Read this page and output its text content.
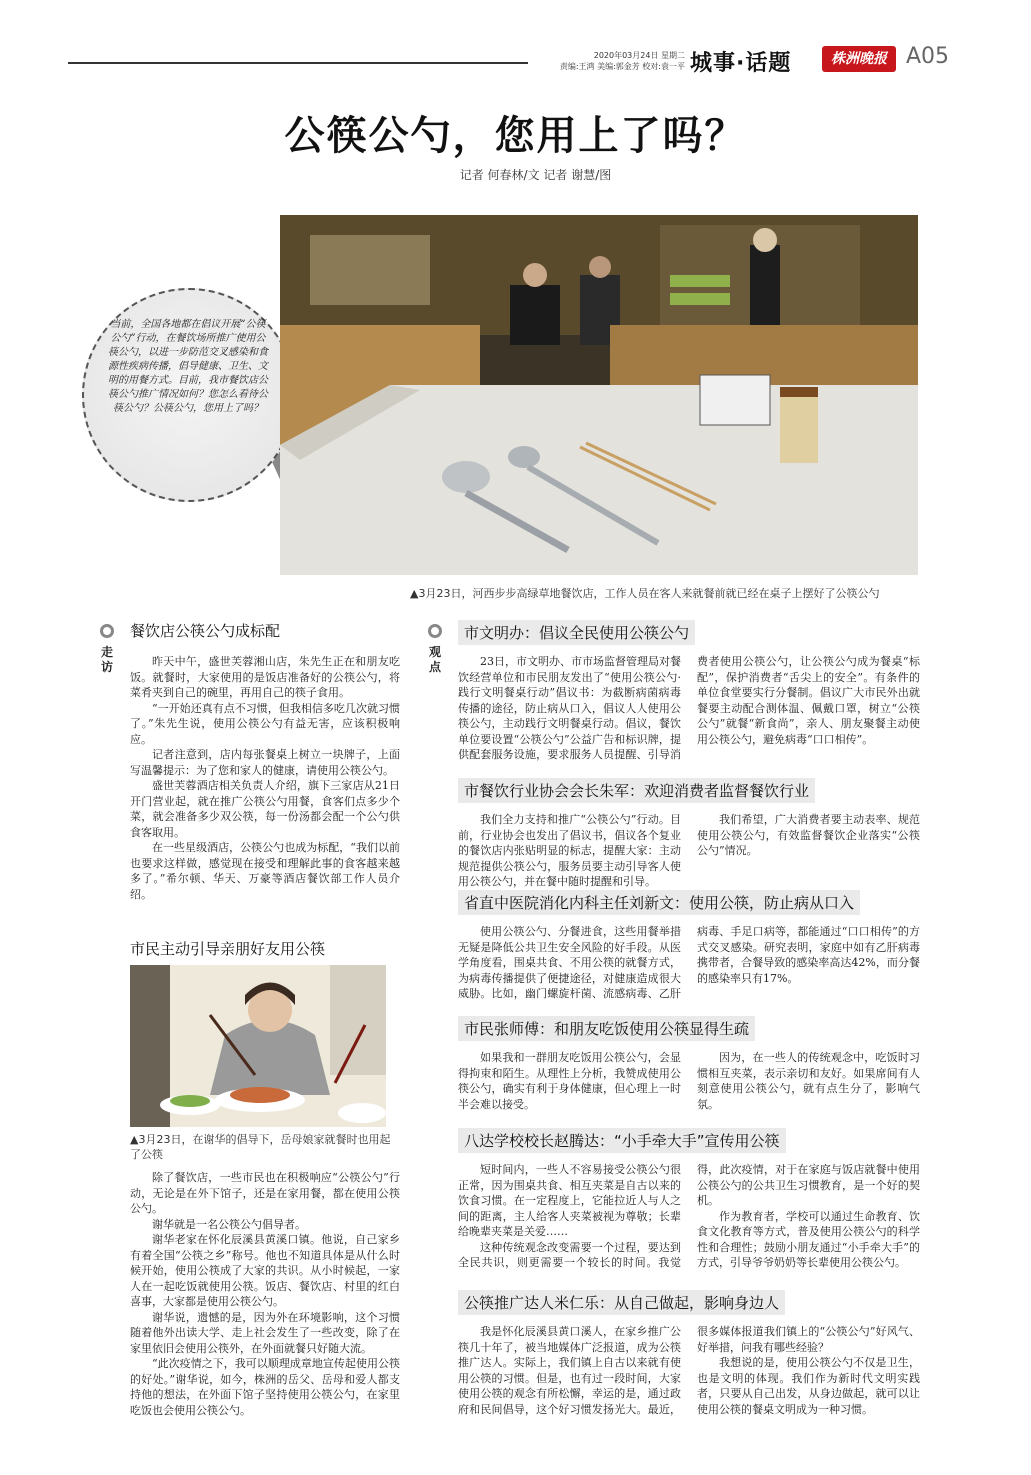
2020年03月24日 星期二
责编:王鸿 美编:郭金芳 校对:袁一平 城事·话题	株洲晚报 A05
公筷公勺，您用上了吗？
记者 何春林/文 记者 谢慧/图
当前，全国各地都在倡议开展“公筷公勺”行动，在餐饮场所推广使用公筷公勺，以进一步防范交叉感染和食源性疾病传播，倡导健康、卫生、文明的用餐方式。目前，我市餐饮店公筷公勺推广情况如何？您怎么看待公筷公勺？公筷公勺，您用上了吗？
▲3月23日，河西步步高绿草地餐饮店，工作人员在客人来就餐前就已经在桌子上摆好了公筷公勺
走访
餐饮店公筷公勺成标配

昨天中午，盛世芙蓉湘山店，朱先生正在和朋友吃饭。就餐时，大家使用的是饭店准备好的公筷公勺，将菜肴夹到自己的碗里，再用自己的筷子食用。

“一开始还真有点不习惯，但我相信多吃几次就习惯了。”朱先生说，使用公筷公勺有益无害，应该积极响应。

记者注意到，店内每张餐桌上树立一块牌子，上面写温馨提示：为了您和家人的健康，请使用公筷公勺。

盛世芙蓉酒店相关负责人介绍，旗下三家店从21日开门营业起，就在推广公筷公勺用餐，食客们点多少个菜，就会准备多少双公筷，每一份汤都会配一个公勺供食客取用。

在一些星级酒店，公筷公勺也成为标配，“我们以前也要求这样做，感觉现在接受和理解此事的食客越来越多了。”希尔顿、华天、万豪等酒店餐饮部工作人员介绍。

市民主动引导亲朋好友用公筷
▲3月23日，在谢华的倡导下，岳母娘家就餐时也用起了公筷

除了餐饮店，一些市民也在积极响应“公筷公勺”行动，无论是在外下馆子，还是在家用餐，都在使用公筷公勺。

谢华就是一名公筷公勺倡导者。

谢华老家在怀化辰溪县黄溪口镇。他说，自己家乡有着全国“公筷之乡”称号。他也不知道具体是从什么时候开始，使用公筷成了大家的共识。从小时候起，一家人在一起吃饭就使用公筷。饭店、餐饮店、村里的红白喜事，大家都是使用公筷公勺。

谢华说，遗憾的是，因为外在环境影响，这个习惯随着他外出读大学、走上社会发生了一些改变，除了在家里依旧会使用公筷外，在外面就餐只好随大流。

“此次疫情之下，我可以顺理成章地宣传起使用公筷的好处。”谢华说，如今，株洲的岳父、岳母和爱人都支持他的想法，在外面下馆子坚持使用公筷公勺，在家里吃饭也会使用公筷公勺。

观点
市文明办：倡议全民使用公筷公勺

23日，市文明办、市市场监督管理局对餐饮经营单位和市民朋友发出了“使用公筷公勺·践行文明餐桌行动”倡议书：为截断病菌病毒传播的途径，防止病从口入，倡议人人使用公筷公勺，主动践行文明餐桌行动。倡议，餐饮单位要设置“公筷公勺”公益广告和标识牌，提供配套服务设施，要求服务人员提醒、引导消费者使用公筷公勺，让公筷公勺成为餐桌“标配”，保护消费者“舌尖上的安全”。有条件的单位食堂要实行分餐制。倡议广大市民外出就餐要主动配合测体温、佩戴口罩，树立“公筷公勺”就餐“新食尚”，亲人、朋友聚餐主动使用公筷公勺，避免病毒“口口相传”。

市餐饮行业协会会长朱军：欢迎消费者监督餐饮行业

我们全力支持和推广“公筷公勺”行动。目前，行业协会也发出了倡议书，倡议各个复业的餐饮店内张贴明显的标志，提醒大家：主动规范提供公筷公勺，服务员要主动引导客人使用公筷公勺，并在餐中随时提醒和引导。

我们希望，广大消费者要主动表率、规范使用公筷公勺，有效监督餐饮企业落实“公筷公勺”情况。

省直中医院消化内科主任刘新文：使用公筷，防止病从口入

使用公筷公勺、分餐进食，这些用餐举措无疑是降低公共卫生安全风险的好手段。从医学角度看，围桌共食、不用公筷的就餐方式，为病毒传播提供了便捷途径，对健康造成很大威胁。比如，幽门螺旋杆菌、流感病毒、乙肝病毒、手足口病等，都能通过“口口相传”的方式交叉感染。研究表明，家庭中如有乙肝病毒携带者，合餐导致的感染率高达42%，而分餐的感染率只有17%。

市民张师傅：和朋友吃饭使用公筷显得生疏

如果我和一群朋友吃饭用公筷公勺，会显得拘束和陌生。从理性上分析，我赞成使用公筷公勺，确实有利于身体健康，但心理上一时半会难以接受。

因为，在一些人的传统观念中，吃饭时习惯相互夹菜，表示亲切和友好。如果席间有人刻意使用公筷公勺，就有点生分了，影响气氛。

八达学校校长赵腾达：“小手牵大手”宣传用公筷

短时间内，一些人不容易接受公筷公勺很正常，因为围桌共食、相互夹菜是自古以来的饮食习惯。在一定程度上，它能拉近人与人之间的距离，主人给客人夹菜被视为尊敬；长辈给晚辈夹菜是关爱……

这种传统观念改变需要一个过程，要达到全民共识，则更需要一个较长的时间。我觉得，此次疫情，对于在家庭与饭店就餐中使用公筷公勺的公共卫生习惯教育，是一个好的契机。

作为教育者，学校可以通过生命教育、饮食文化教育等方式，普及使用公筷公勺的科学性和合理性；鼓励小朋友通过“小手牵大手”的方式，引导爷爷奶奶等长辈使用公筷公勺。

公筷推广达人米仁乐：从自己做起，影响身边人

我是怀化辰溪县黄口溪人，在家乡推广公筷几十年了，被当地媒体广泛报道，成为公筷推广达人。实际上，我们镇上自古以来就有使用公筷的习惯。但是，也有过一段时间，大家使用公筷的观念有所松懈，幸运的是，通过政府和民间倡导，这个好习惯发扬光大。最近，很多媒体报道我们镇上的“公筷公勺”好风气、好举措，问我有哪些经验？

我想说的是，使用公筷公勺不仅是卫生，也是文明的体现。我们作为新时代文明实践者，只要从自己出发，从身边做起，就可以让使用公筷的餐桌文明成为一种习惯。
